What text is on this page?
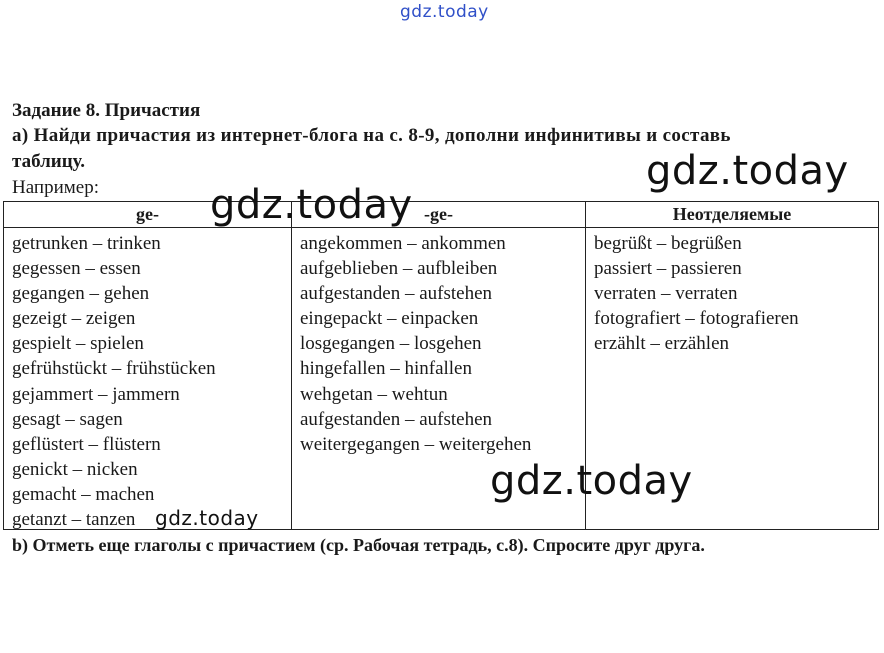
gdz.today
Задание 8. Причастия
а) Найди причастия из интернет-блога на с. 8-9, дополни инфинитивы и составь
таблицу.
Например:
ge-
getrunken – trinken
gegessen – essen
gegangen – gehen
gezeigt – zeigen
gespielt – spielen
gefrühstückt – frühstücken
gejammert – jammern
gesagt – sagen
geflüstert – flüstern
genickt – nicken
gemacht – machen
getanzt – tanzen
-ge-
angekommen – ankommen
aufgeblieben – aufbleiben
aufgestanden – aufstehen
eingepackt – einpacken
losgegangen – losgehen
hingefallen – hinfallen
wehgetan – wehtun
aufgestanden – aufstehen
weitergegangen – weitergehen
Неотделяемые
begrüßt – begrüßen
passiert – passieren
verraten – verraten
fotografiert – fotografieren
erzählt – erzählen
b) Отметь еще глаголы с причастием (ср. Рабочая тетрадь, с.8). Спросите друг друга.
gdz.today
gdz.today
gdz.today
gdz.today
